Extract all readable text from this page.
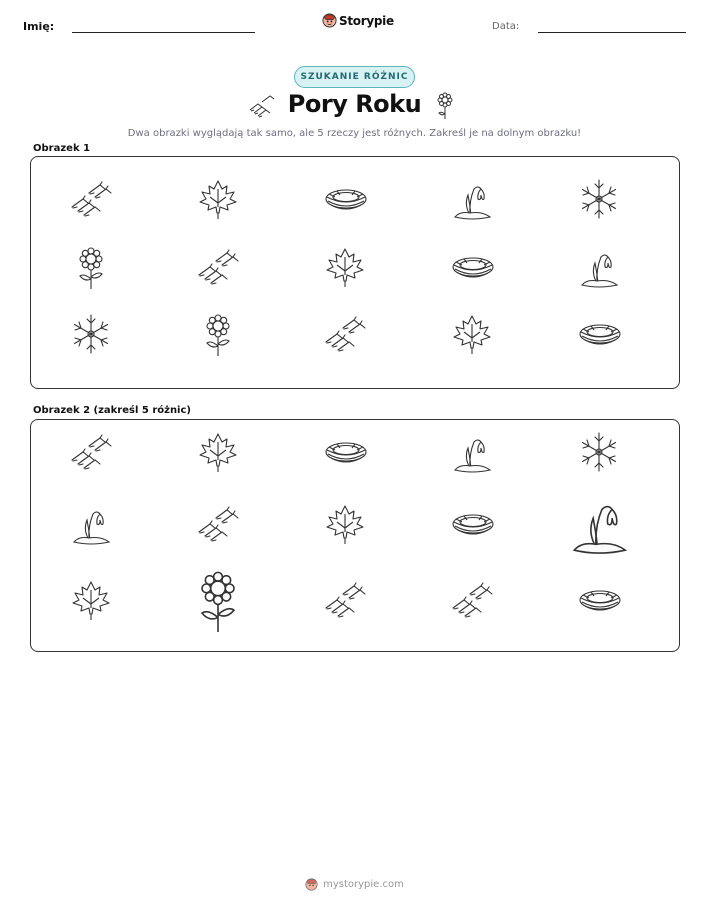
Imię:	Storypie	Data:
SZUKANIE RÓŻNIC
Pory Roku
Dwa obrazki wyglądają tak samo, ale 5 rzeczy jest różnych. Zakreśl je na dolnym obrazku!
Obrazek 1
Obrazek 2 (zakreśl 5 różnic)
mystorypie.com
